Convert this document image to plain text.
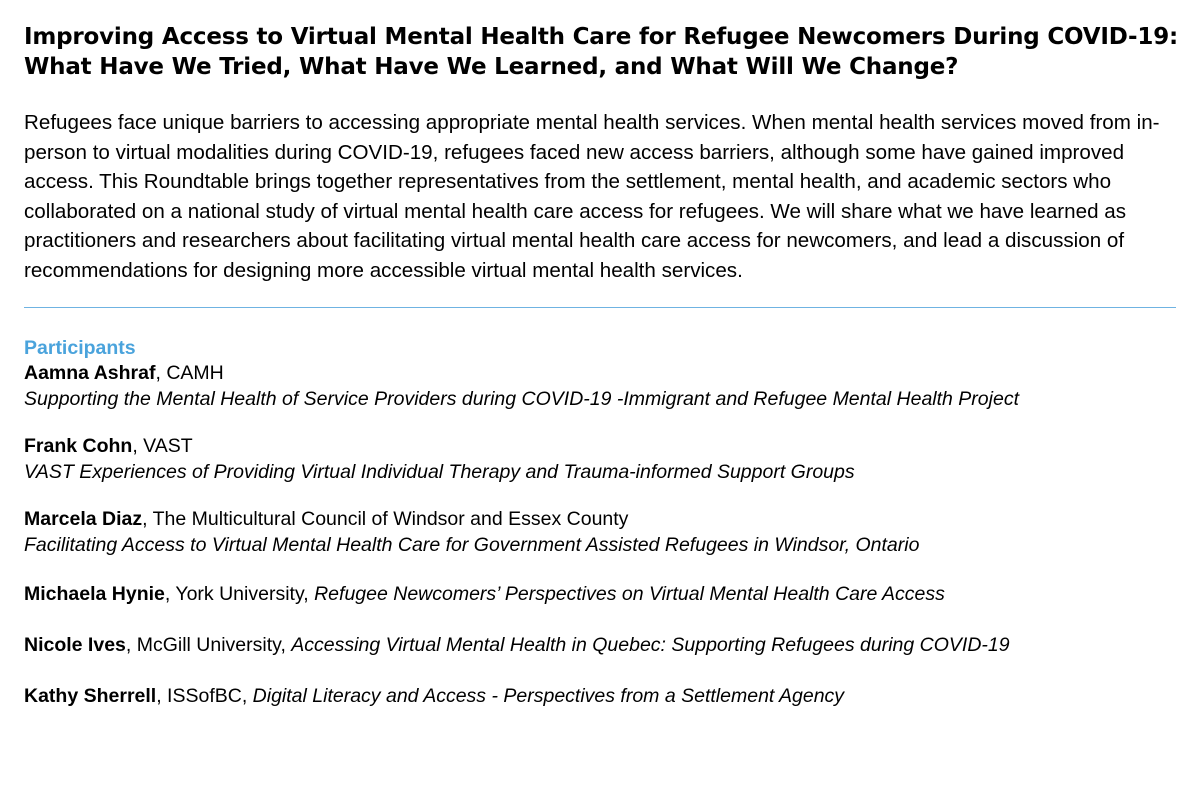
Improving Access to Virtual Mental Health Care for Refugee Newcomers During COVID-19: What Have We Tried, What Have We Learned, and What Will We Change?

Refugees face unique barriers to accessing appropriate mental health services. When mental health services moved from in-person to virtual modalities during COVID-19, refugees faced new access barriers, although some have gained improved access. This Roundtable brings together representatives from the settlement, mental health, and academic sectors who collaborated on a national study of virtual mental health care access for refugees. We will share what we have learned as practitioners and researchers about facilitating virtual mental health care access for newcomers, and lead a discussion of recommendations for designing more accessible virtual mental health services.

Participants
Aamna Ashraf, CAMH
Supporting the Mental Health of Service Providers during COVID-19 -Immigrant and Refugee Mental Health Project
Frank Cohn, VAST
VAST Experiences of Providing Virtual Individual Therapy and Trauma-informed Support Groups
Marcela Diaz, The Multicultural Council of Windsor and Essex County
Facilitating Access to Virtual Mental Health Care for Government Assisted Refugees in Windsor, Ontario
Michaela Hynie, York University, Refugee Newcomers’ Perspectives on Virtual Mental Health Care Access
Nicole Ives, McGill University, Accessing Virtual Mental Health in Quebec: Supporting Refugees during COVID-19
Kathy Sherrell, ISSofBC, Digital Literacy and Access - Perspectives from a Settlement Agency
